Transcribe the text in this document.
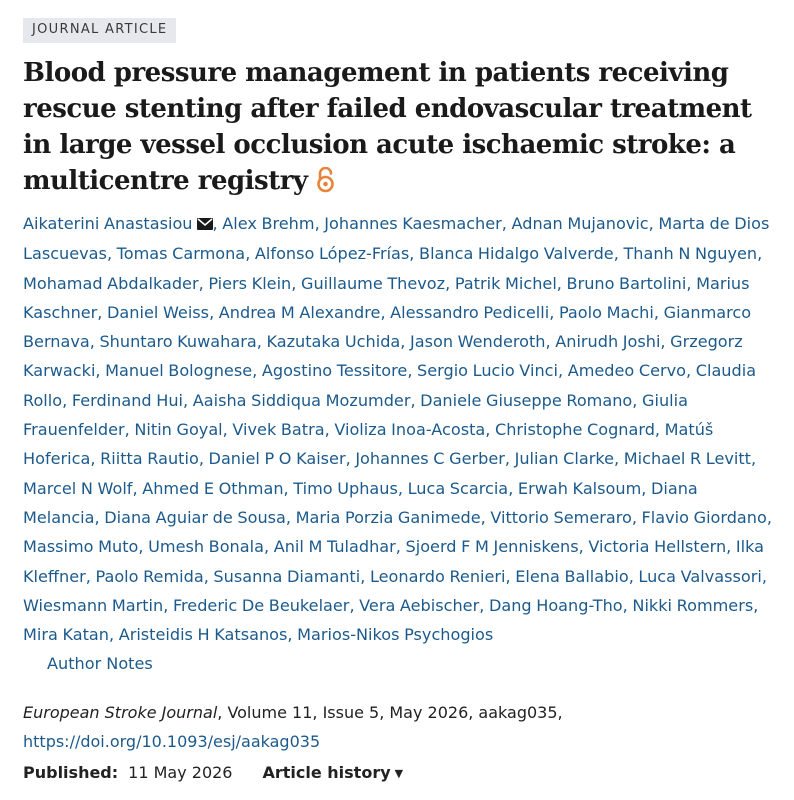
JOURNAL ARTICLE
Blood pressure management in patients receiving rescue stenting after failed endovascular treatment in large vessel occlusion acute ischaemic stroke: a multicentre registry
Aikaterini Anastasiou , Alex Brehm, Johannes Kaesmacher, Adnan Mujanovic, Marta de Dios Lascuevas, Tomas Carmona, Alfonso López-Frías, Blanca Hidalgo Valverde, Thanh N Nguyen, Mohamad Abdalkader, Piers Klein, Guillaume Thevoz, Patrik Michel, Bruno Bartolini, Marius Kaschner, Daniel Weiss, Andrea M Alexandre, Alessandro Pedicelli, Paolo Machi, Gianmarco Bernava, Shuntaro Kuwahara, Kazutaka Uchida, Jason Wenderoth, Anirudh Joshi, Grzegorz Karwacki, Manuel Bolognese, Agostino Tessitore, Sergio Lucio Vinci, Amedeo Cervo, Claudia Rollo, Ferdinand Hui, Aaisha Siddiqua Mozumder, Daniele Giuseppe Romano, Giulia Frauenfelder, Nitin Goyal, Vivek Batra, Violiza Inoa-Acosta, Christophe Cognard, Matúš Hoferica, Riitta Rautio, Daniel P O Kaiser, Johannes C Gerber, Julian Clarke, Michael R Levitt, Marcel N Wolf, Ahmed E Othman, Timo Uphaus, Luca Scarcia, Erwah Kalsoum, Diana Melancia, Diana Aguiar de Sousa, Maria Porzia Ganimede, Vittorio Semeraro, Flavio Giordano, Massimo Muto, Umesh Bonala, Anil M Tuladhar, Sjoerd F M Jenniskens, Victoria Hellstern, Ilka Kleffner, Paolo Remida, Susanna Diamanti, Leonardo Renieri, Elena Ballabio, Luca Valvassori, Wiesmann Martin, Frederic De Beukelaer, Vera Aebischer, Dang Hoang-Tho, Nikki Rommers, Mira Katan, Aristeidis H Katsanos, Marios-Nikos Psychogios
Author Notes
European Stroke Journal, Volume 11, Issue 5, May 2026, aakag035,
https://doi.org/10.1093/esj/aakag035
Published: 11 May 2026 Article history ▼
